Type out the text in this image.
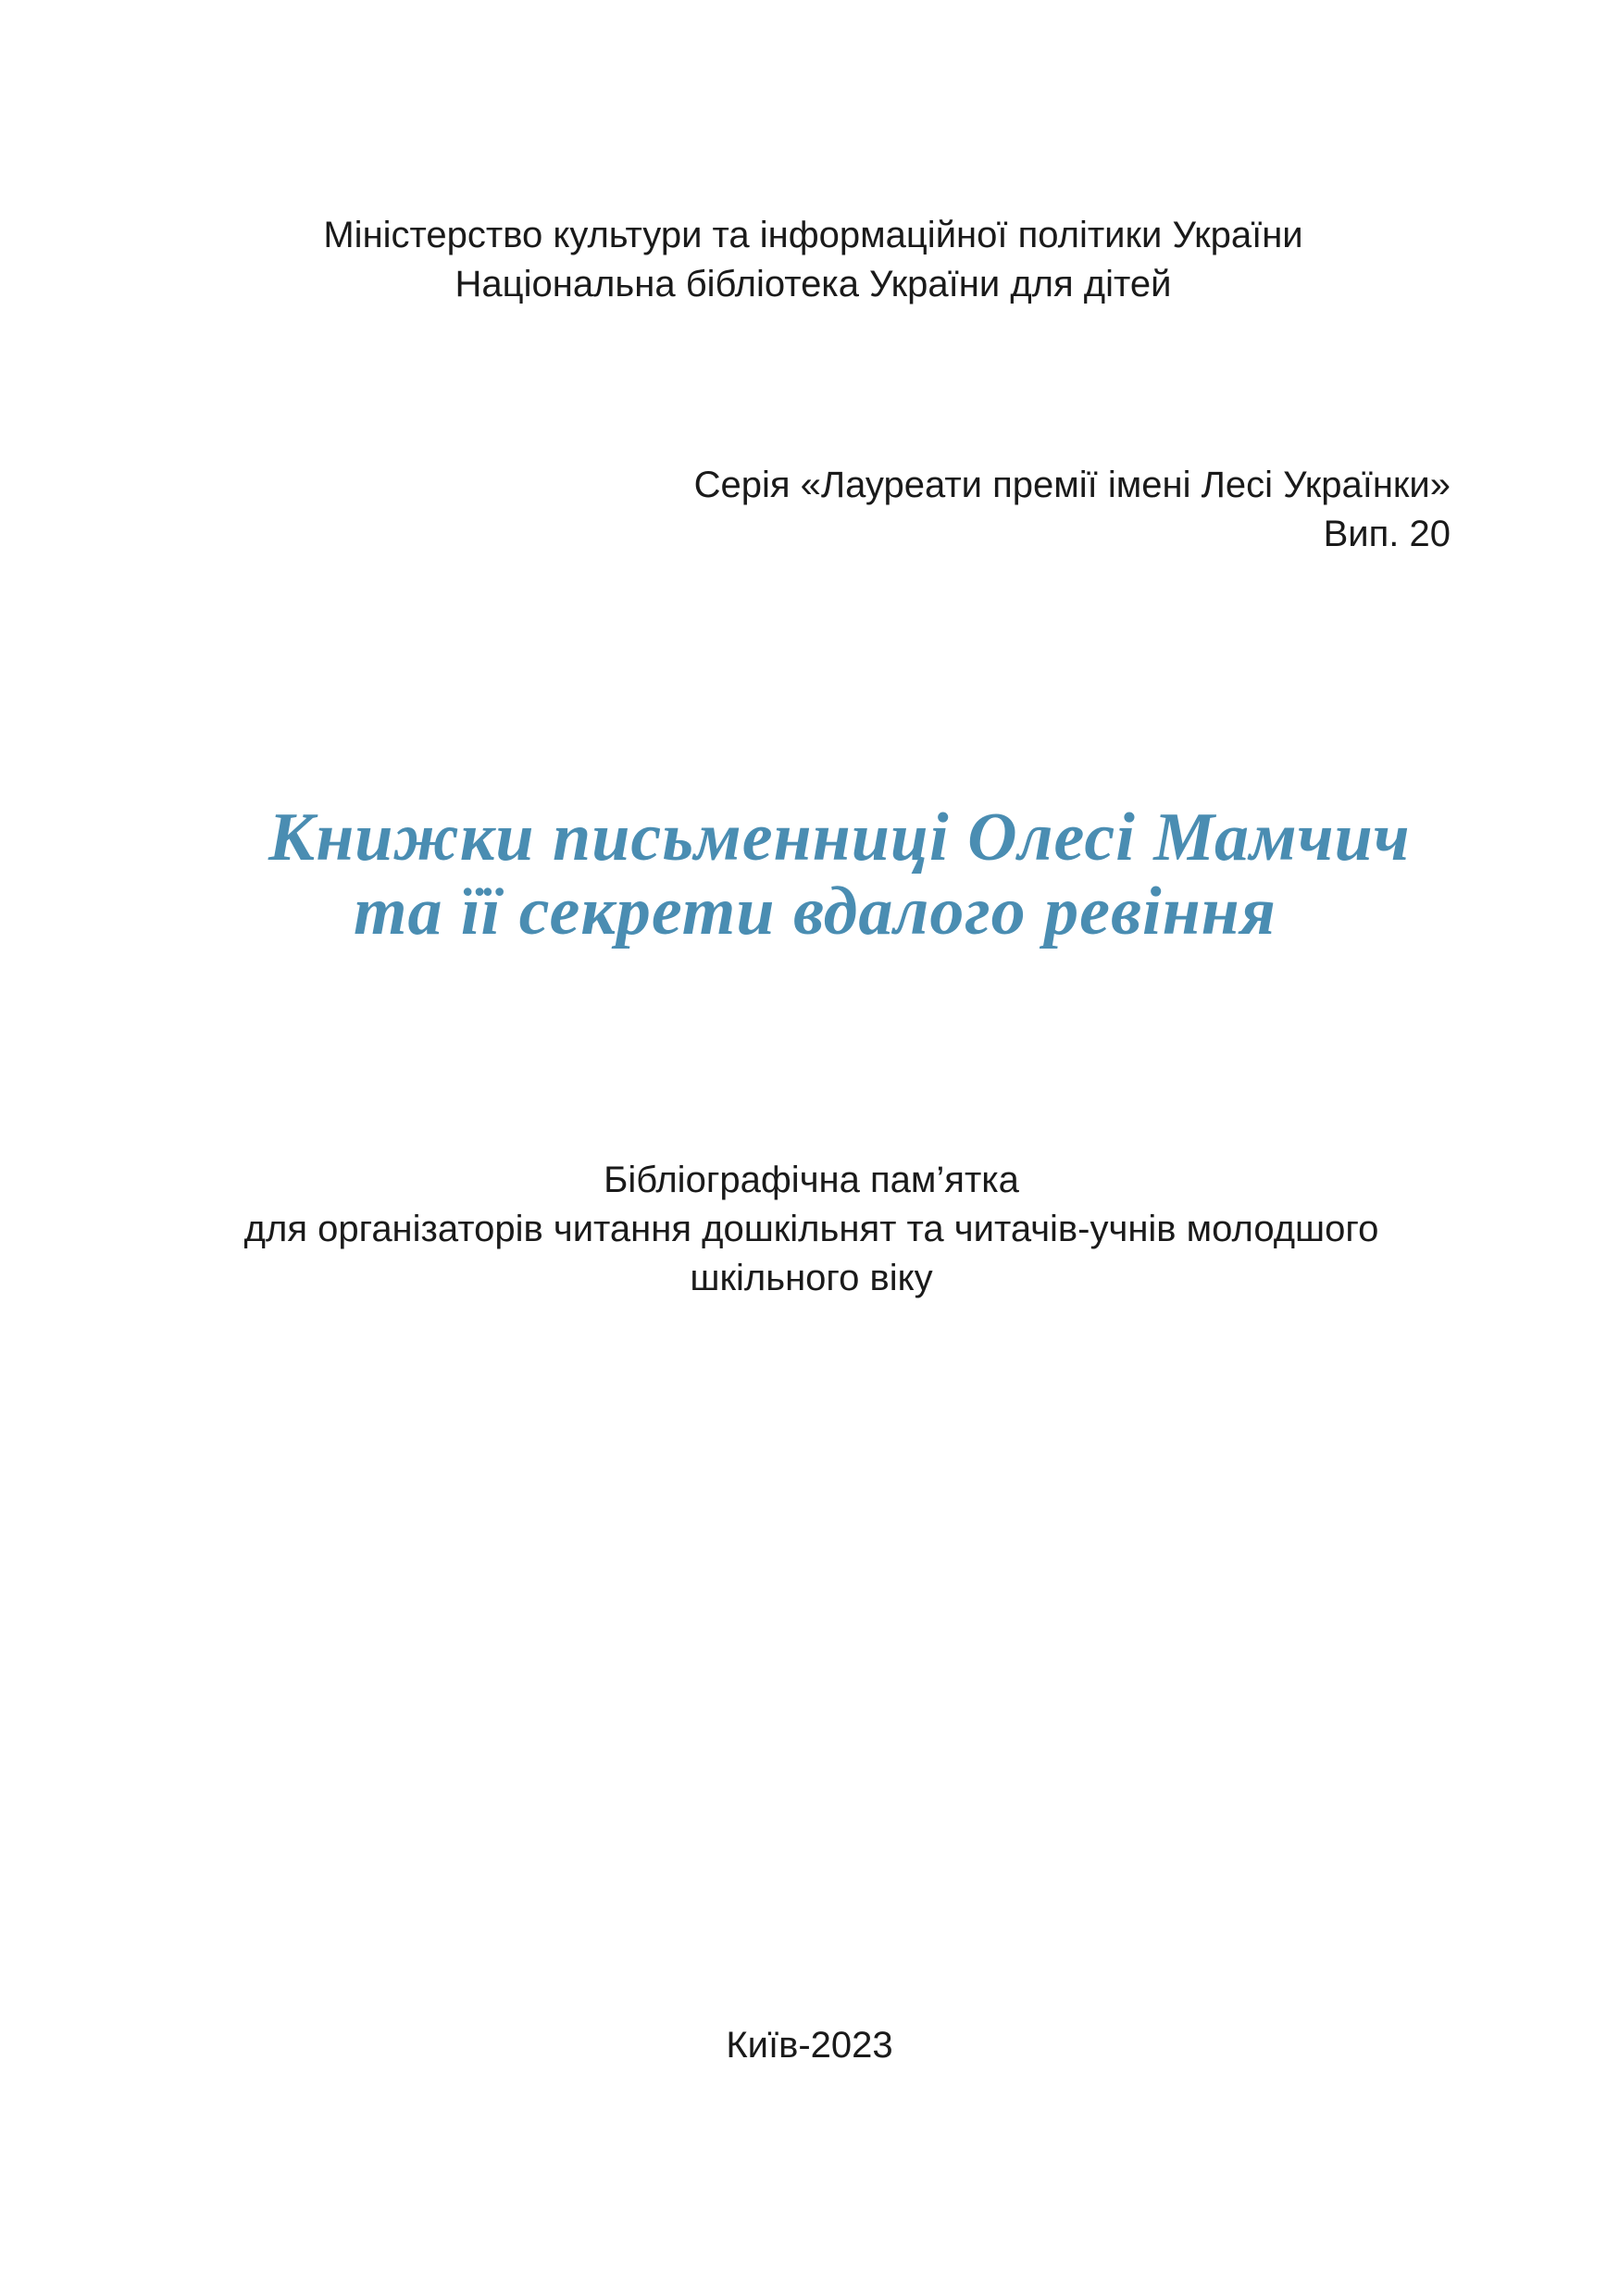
Міністерство культури та інформаційної політики України
Національна бібліотека України для дітей
Серія «Лауреати премії імені Лесі Українки»
Вип. 20
Книжки письменниці Олесі Мамчич
та її секрети вдалого ревіння
Бібліографічна пам’ятка
для організаторів читання дошкільнят та читачів-учнів молодшого
шкільного віку
Київ-2023
